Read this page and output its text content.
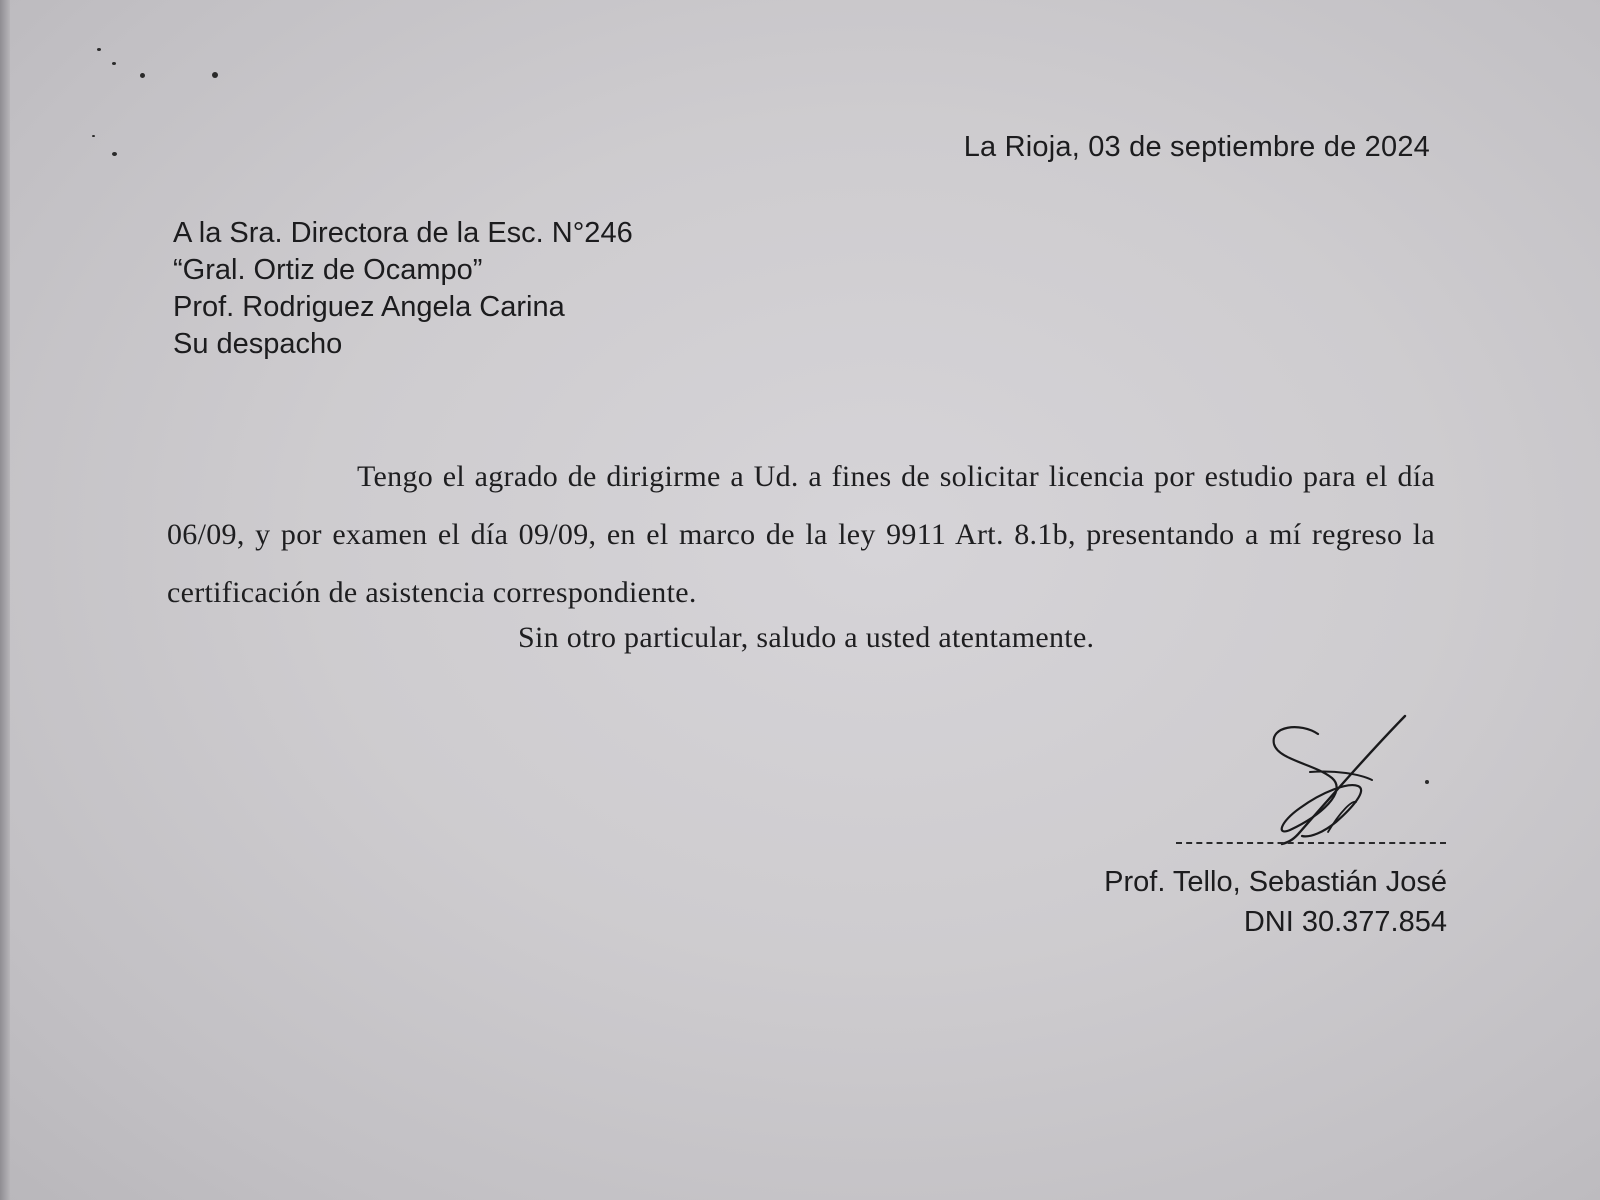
La Rioja, 03 de septiembre de 2024
A la Sra. Directora de la Esc. N°246
“Gral. Ortiz de Ocampo”
Prof. Rodriguez Angela Carina
Su despacho
Tengo el agrado de dirigirme a Ud. a fines de solicitar licencia por estudio para el día 06/09, y por examen el día 09/09, en el marco de la ley 9911 Art. 8.1b, presentando a mí regreso la certificación de asistencia correspondiente.
Sin otro particular, saludo a usted atentamente.
Prof. Tello, Sebastián José
DNI 30.377.854
